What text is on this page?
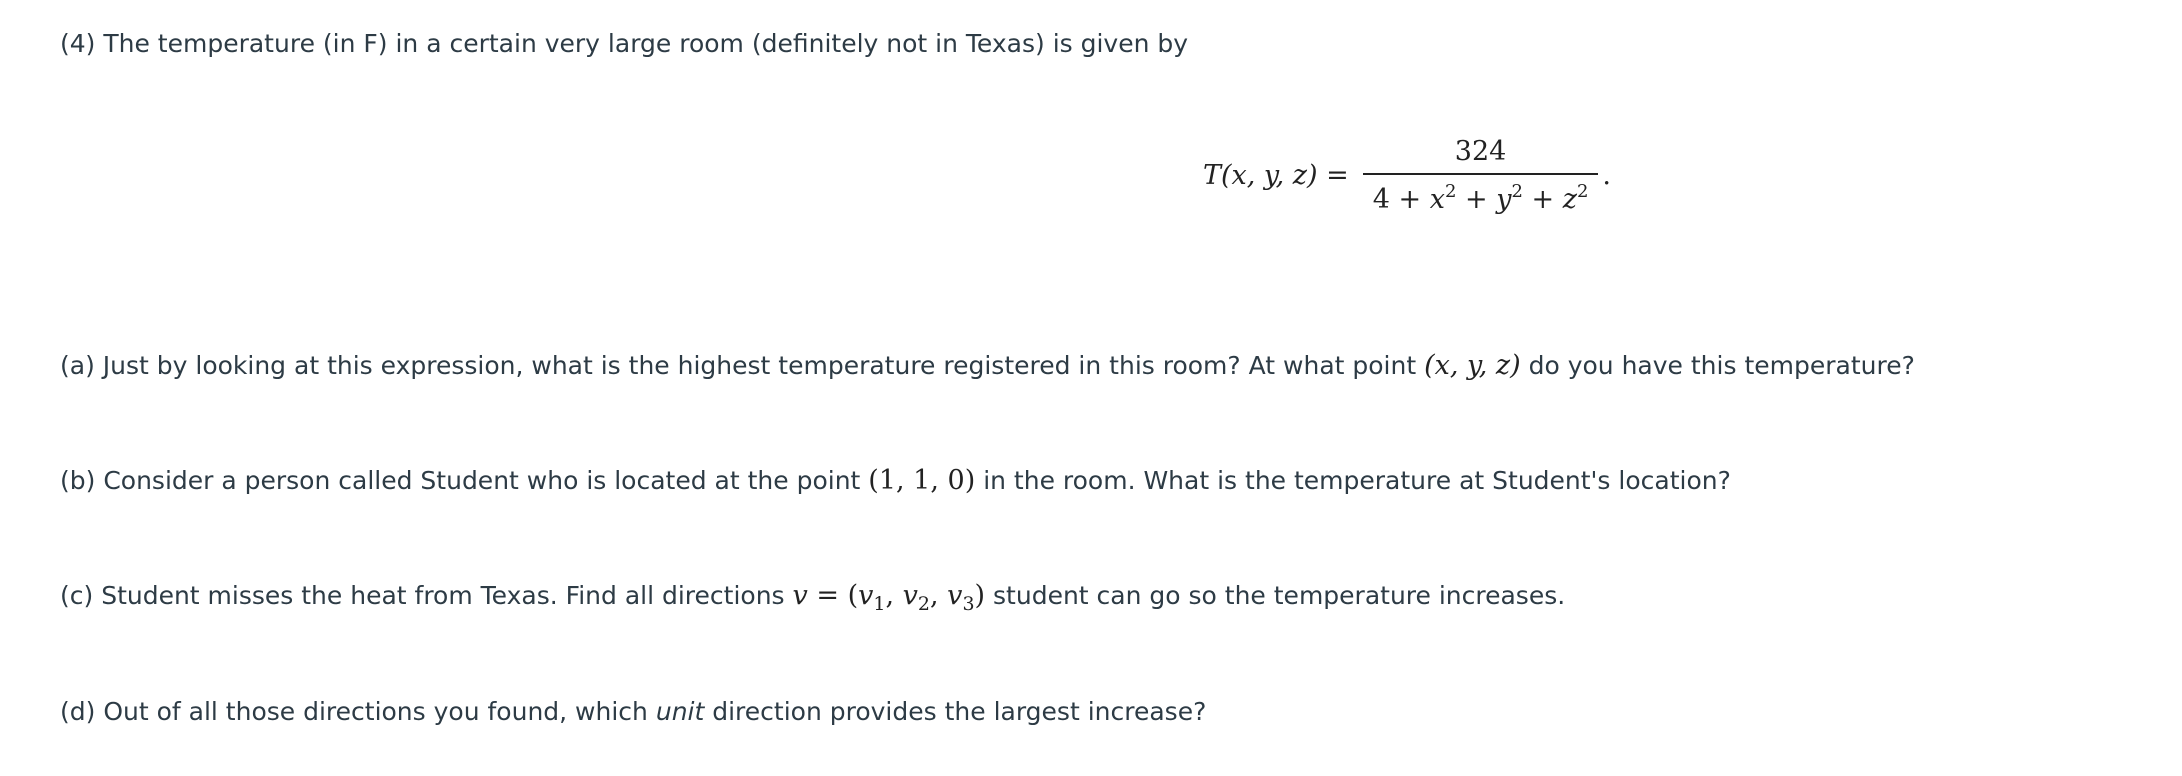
(4) The temperature (in F) in a certain very large room (definitely not in Texas) is given by
T(x, y, $z) = \frac{324}{4 + x^2 + y^2 + z^2}$ .
(a) Just by looking at this expression, what is the highest temperature registered in this room? At what point (x, y, z) do you have this temperature?
(b) Consider a person called Student who is located at the point (1, 1, 0) in the room. What is the temperature at Student's location?
(c) Student misses the heat from Texas. Find all directions $v = (v_1$, $v_2$, $v_3$) student can go so the temperature increases.
(d) Out of all those directions you found, which unit direction provides the largest increase?
